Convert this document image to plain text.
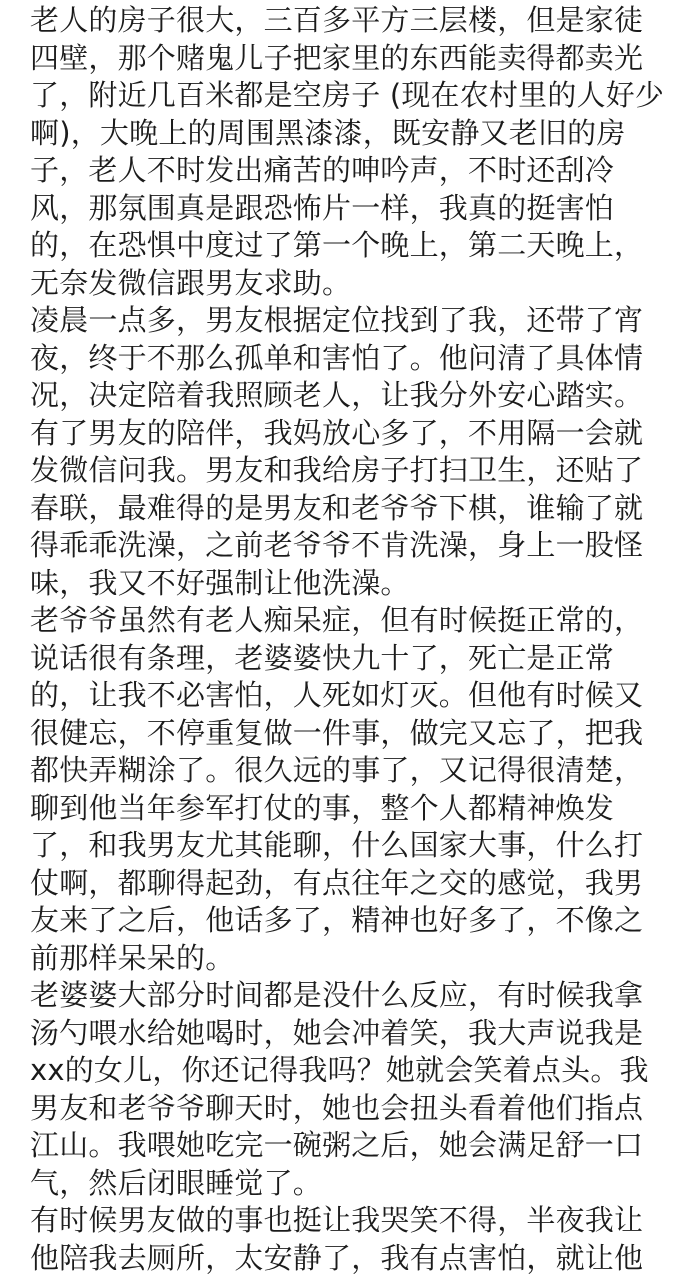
老人的房子很大，三百多平方三层楼，但是家徒
四壁，那个赌鬼儿子把家里的东西能卖得都卖光
了，附近几百米都是空房子 (现在农村里的人好少
啊)，大晚上的周围黑漆漆，既安静又老旧的房
子，老人不时发出痛苦的呻吟声，不时还刮冷
风，那氛围真是跟恐怖片一样，我真的挺害怕
的，在恐惧中度过了第一个晚上，第二天晚上，
无奈发微信跟男友求助。
凌晨一点多，男友根据定位找到了我，还带了宵
夜，终于不那么孤单和害怕了。他问清了具体情
况，决定陪着我照顾老人，让我分外安心踏实。
有了男友的陪伴，我妈放心多了，不用隔一会就
发微信问我。男友和我给房子打扫卫生，还贴了
春联，最难得的是男友和老爷爷下棋，谁输了就
得乖乖洗澡，之前老爷爷不肯洗澡，身上一股怪
味，我又不好强制让他洗澡。
老爷爷虽然有老人痴呆症，但有时候挺正常的，
说话很有条理，老婆婆快九十了，死亡是正常
的，让我不必害怕，人死如灯灭。但他有时候又
很健忘，不停重复做一件事，做完又忘了，把我
都快弄糊涂了。很久远的事了，又记得很清楚，
聊到他当年参军打仗的事，整个人都精神焕发
了，和我男友尤其能聊，什么国家大事，什么打
仗啊，都聊得起劲，有点往年之交的感觉，我男
友来了之后，他话多了，精神也好多了，不像之
前那样呆呆的。
老婆婆大部分时间都是没什么反应，有时候我拿
汤勺喂水给她喝时，她会冲着笑，我大声说我是
xx的女儿，你还记得我吗？她就会笑着点头。我
男友和老爷爷聊天时，她也会扭头看着他们指点
江山。我喂她吃完一碗粥之后，她会满足舒一口
气，然后闭眼睡觉了。
有时候男友做的事也挺让我哭笑不得，半夜我让
他陪我去厕所，太安静了，我有点害怕，就让他
